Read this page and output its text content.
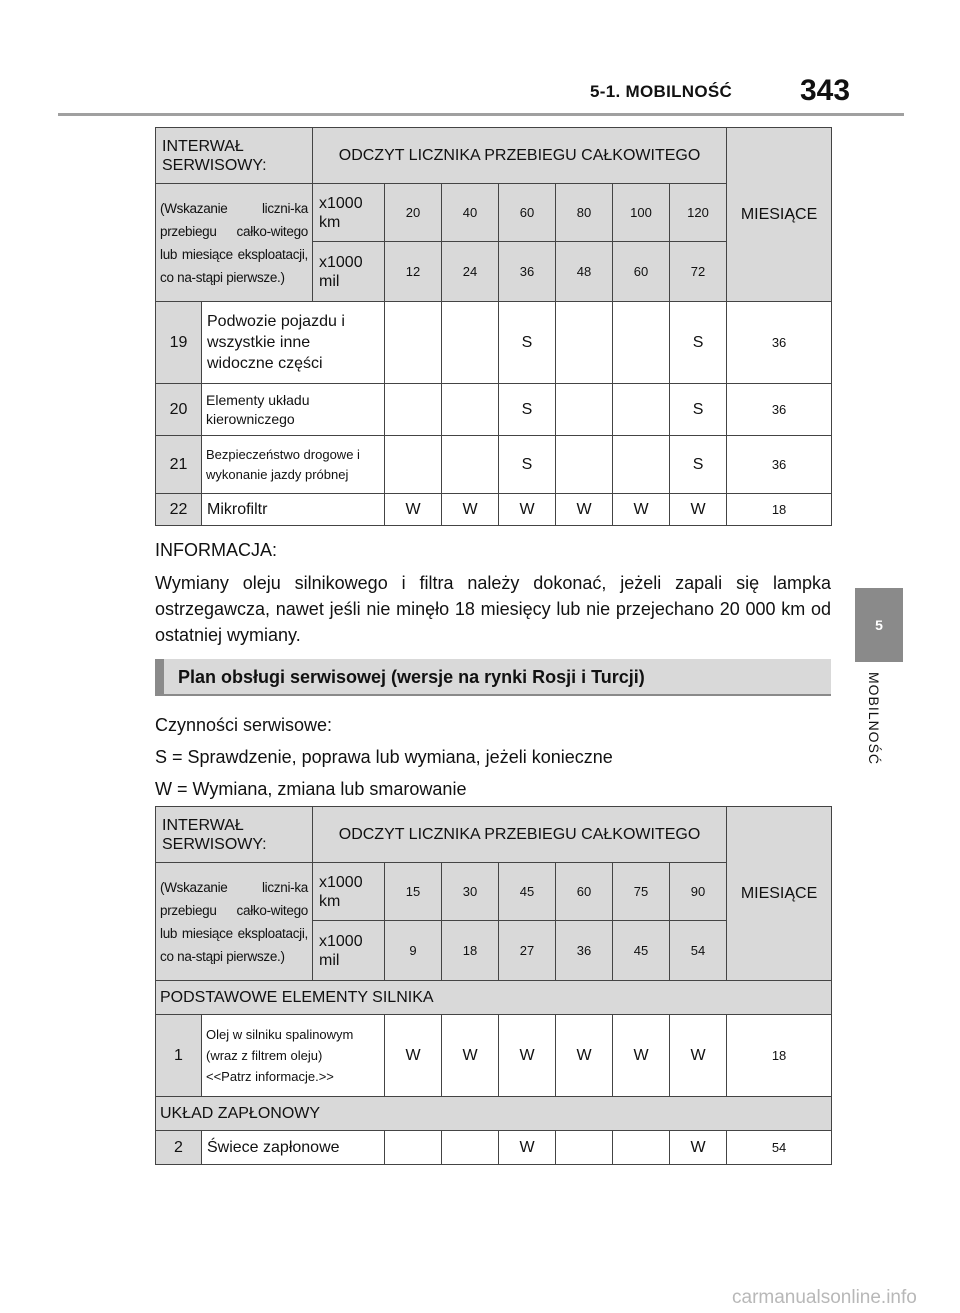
5-1. MOBILNOŚĆ 343
5
MOBILNOŚĆ
INTERWAŁ SERWISOWY:		ODCZYT LICZNIKA PRZEBIEGU CAŁKOWITEGO							MIESIĄCE
(Wskazanie liczni-ka przebiegu całko-witego lub miesiące eksploatacji, co na-stąpi pierwsze.)		x1000 km	20	40	60	80	100	120	
		x1000 mil	12	24	36	48	60	72	
19	Podwozie pojazdu i wszystkie inne widoczne części				S			S	36
20	Elementy układu kierowniczego				S			S	36
21	Bezpieczeństwo drogowe i wykonanie jazdy próbnej				S			S	36
22	Mikrofiltr		W	W	W	W	W	W	18
INFORMACJA:
Wymiany oleju silnikowego i filtra należy dokonać, jeżeli zapali się lampka ostrzegawcza, nawet jeśli nie minęło 18 miesięcy lub nie przejechano 20 000 km od ostatniej wymiany.
Plan obsługi serwisowej (wersje na rynki Rosji i Turcji)
Czynności serwisowe:
S = Sprawdzenie, poprawa lub wymiana, jeżeli konieczne
W = Wymiana, zmiana lub smarowanie
INTERWAŁ SERWISOWY:		ODCZYT LICZNIKA PRZEBIEGU CAŁKOWITEGO							MIESIĄCE
(Wskazanie liczni-ka przebiegu całko-witego lub miesiące eksploatacji, co na-stąpi pierwsze.)		x1000 km	15	30	45	60	75	90	
		x1000 mil	9	18	27	36	45	54	
PODSTAWOWE ELEMENTY SILNIKA									
1	Olej w silniku spalinowym
(wraz z filtrem oleju)
<<Patrz informacje.>>		W	W	W	W	W	W	18
UKŁAD ZAPŁONOWY									
2	Świece zapłonowe				W			W	54
carmanualsonline.info
